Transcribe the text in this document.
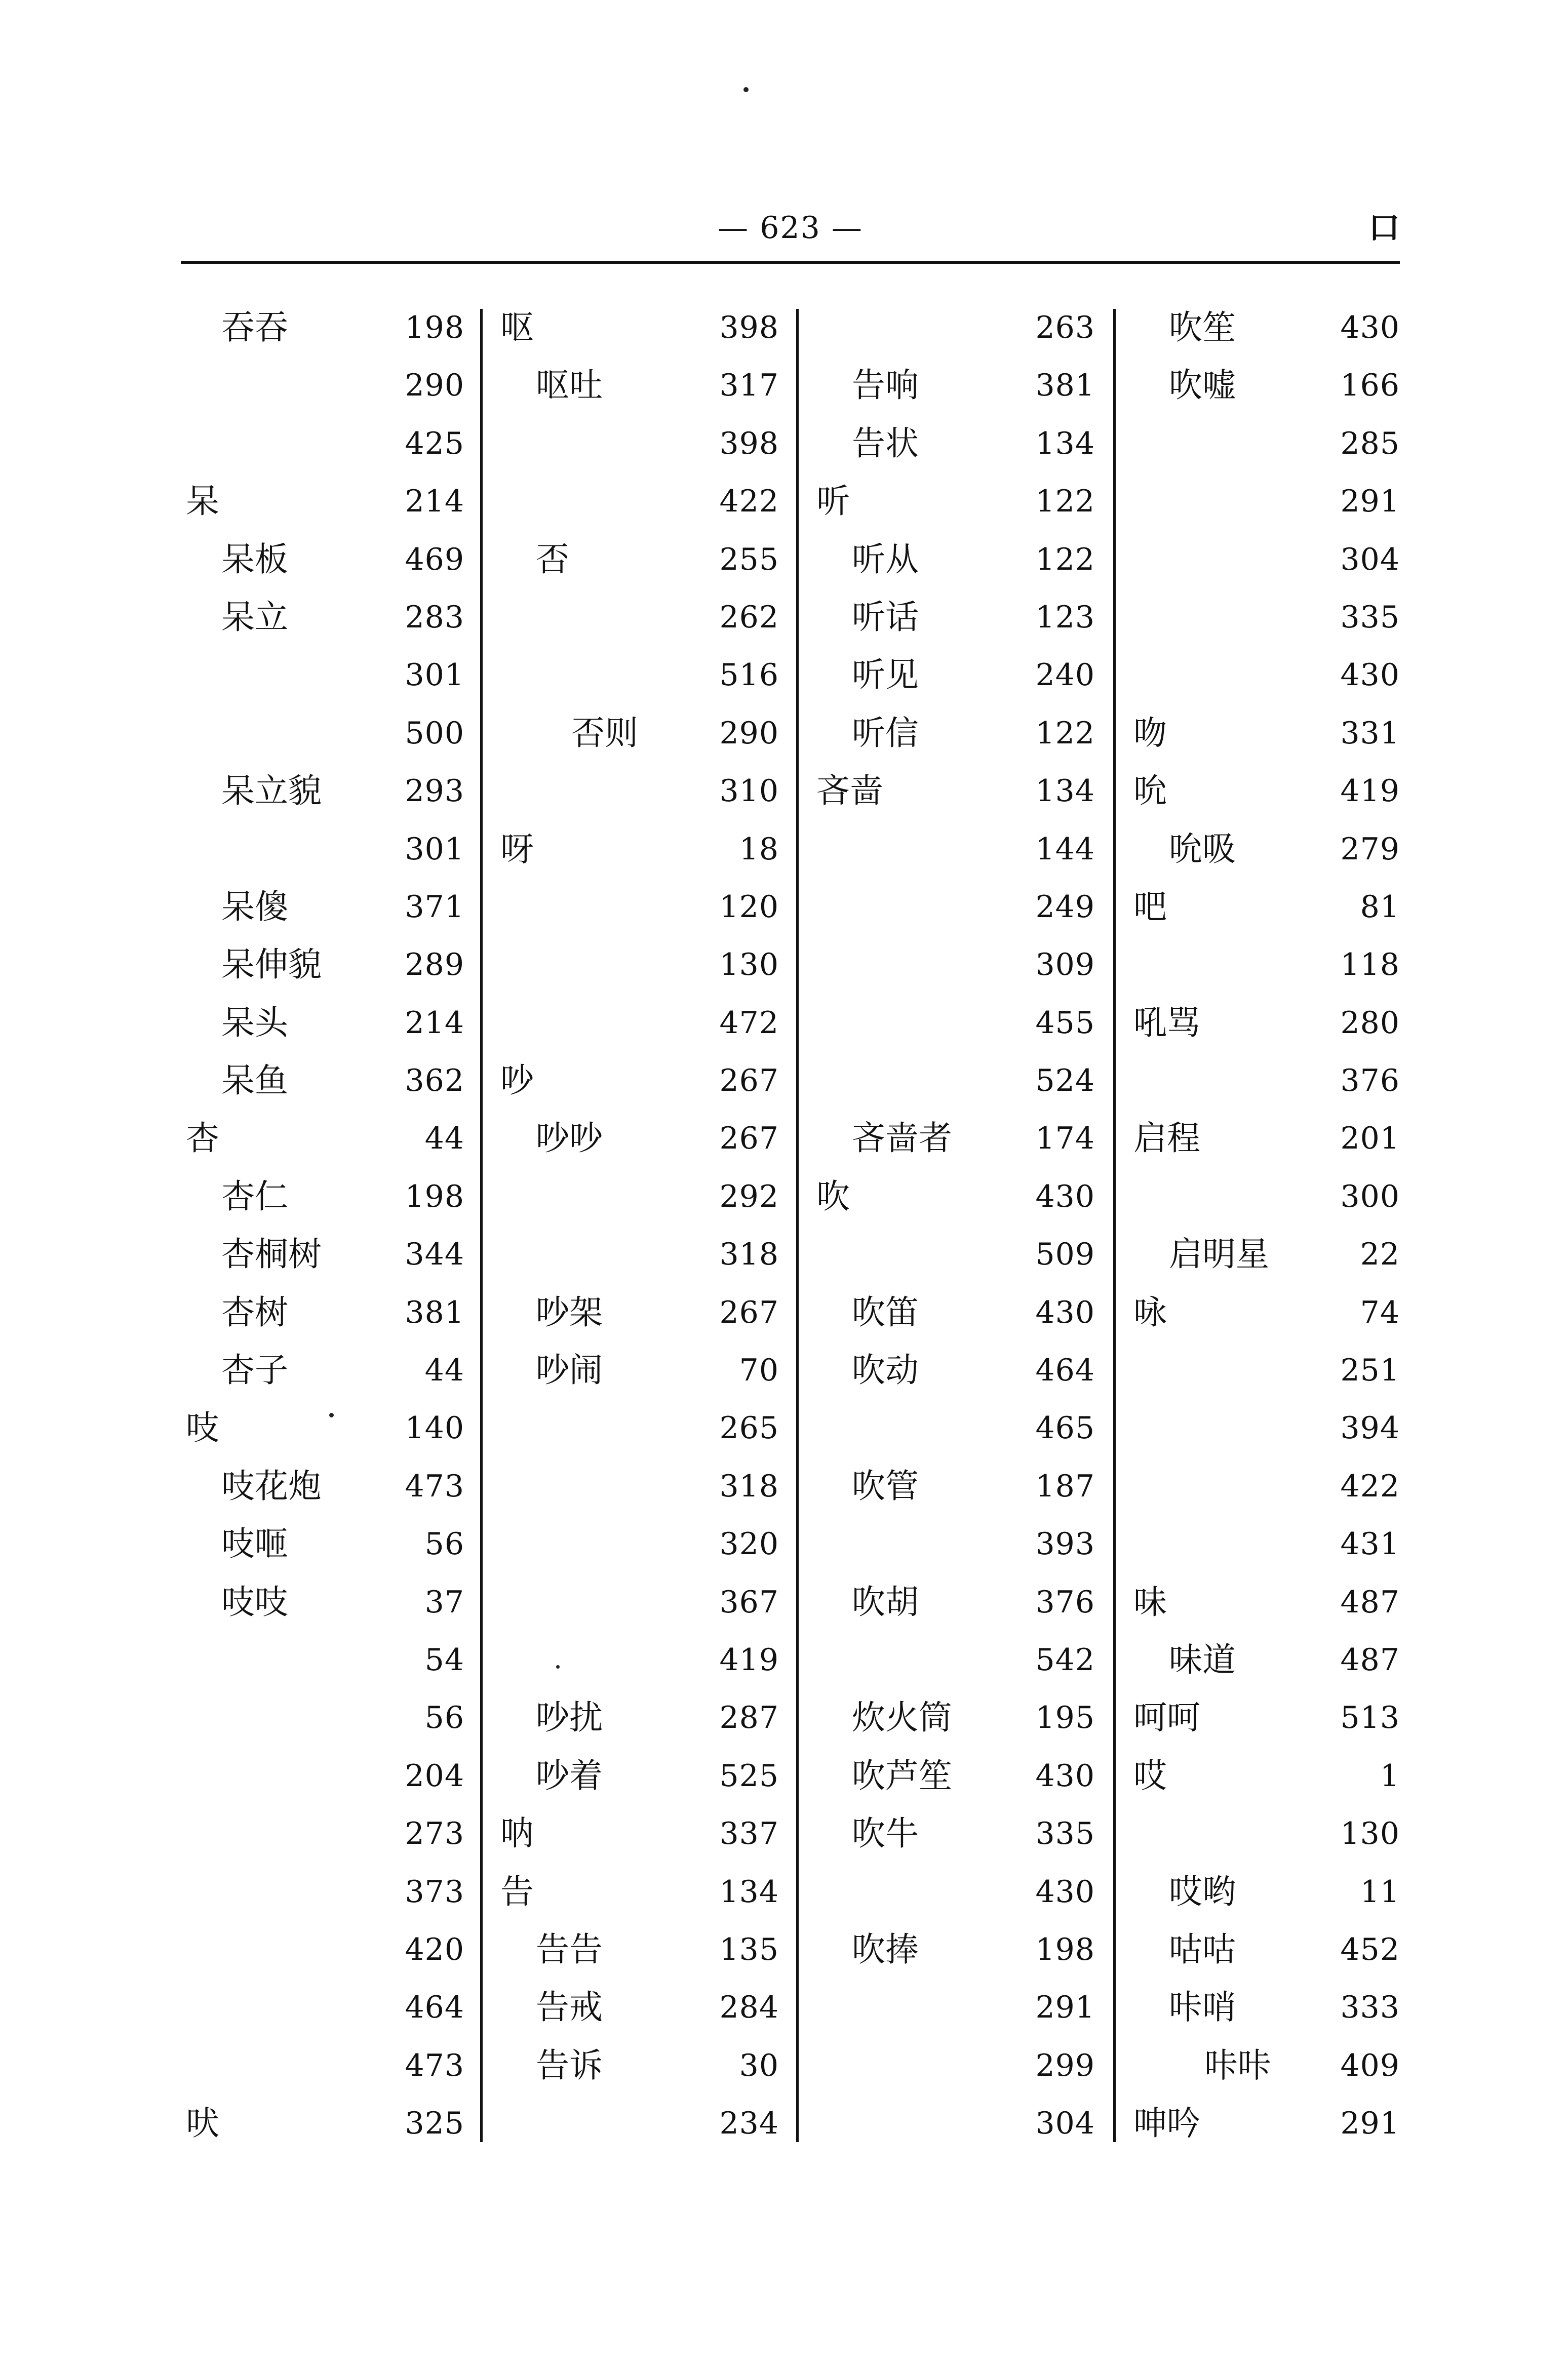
— 623 —	口
吞吞	198
290
425
呆	214
呆板	469
呆立	283
301
500
呆立貌	293
301
呆傻	371
呆伸貌	289
呆头	214
呆鱼	362
杏	44
杏仁	198
杏桐树	344
杏树	381
杏子	44
吱	140
吱花炮	473
吱咂	56
吱吱	37
54
56
204
273
373
420
464
473
吠	325
呕	398
呕吐	317
398
422
否	255
262
516
否则	290
310
呀	18
120
130
472
吵	267
吵吵	267
292
318
吵架	267
吵闹	70
265
318
320
367
419
吵扰	287
吵着	525
呐	337
告	134
告告	135
告戒	284
告诉	30
234
263
告响	381
告状	134
听	122
听从	122
听话	123
听见	240
听信	122
吝啬	134
144
249
309
455
524
吝啬者	174
吹	430
509
吹笛	430
吹动	464
465
吹管	187
393
吹胡	376
542
炊火筒	195
吹芦笙	430
吹牛	335
430
吹捧	198
291
299
304
吹笙	430
吹嘘	166
285
291
304
335
430
吻	331
吮	419
吮吸	279
吧	81
118
吼骂	280
376
启程	201
300
启明星	22
咏	74
251
394
422
431
味	487
味道	487
呵呵	513
哎	1
130
哎哟	11
咕咕	452
咔哨	333
咔咔 409
呻吟	291
